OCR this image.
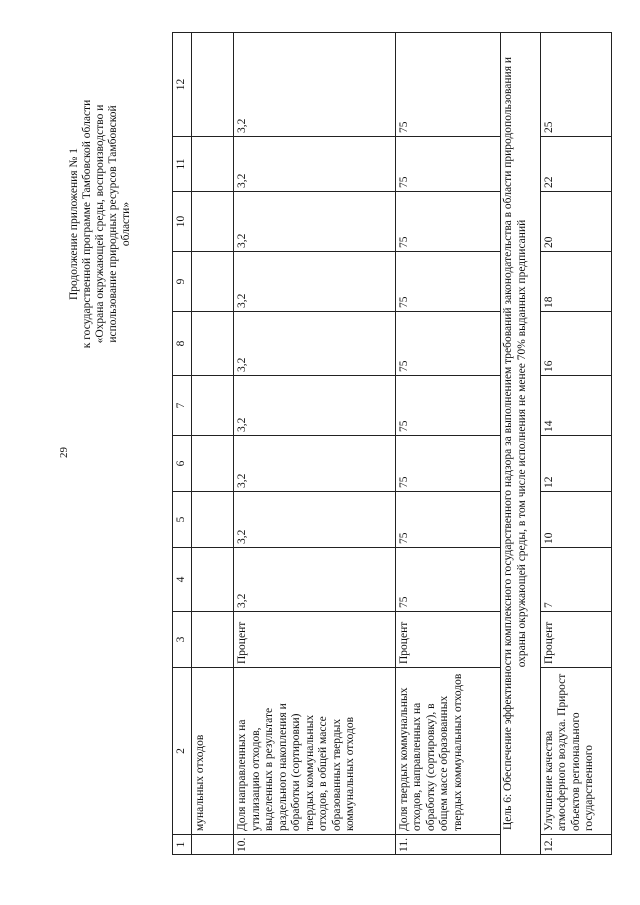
29
Продолжение приложения № 1 к государственной программе Тамбовской области «Охрана окружающей среды, воспроизводство и использование природных ресурсов Тамбовской области»
1	2	3	4	5	6	7	8	9	10	11	12
	мунальных отходов										
10.	Доля направленных на утилизацию отходов, выделенных в результате раздельного накопления и обработки (сортировки) твердых коммунальных отходов, в общей массе образованных твердых коммунальных отходов	Процент	3,2	3,2	3,2	3,2	3,2	3,2	3,2	3,2	3,2
11.	Доля твердых коммунальных отходов, направленных на обработку (сортировку), в общем массе образованных твердых коммунальных отходов	Процент	75	75	75	75	75	75	75	75	75
Цель 6: Обеспечение эффективности комплексного государственного надзора за выполнением требований законодательства в области природопользования и охраны окружающей среды, в том числе исполнения не менее 70% выданных предписаний											
12.	Улучшение качества атмосферного воздуха. Прирост объектов регионального государственного	Процент	7	10	12	14	16	18	20	22	25
